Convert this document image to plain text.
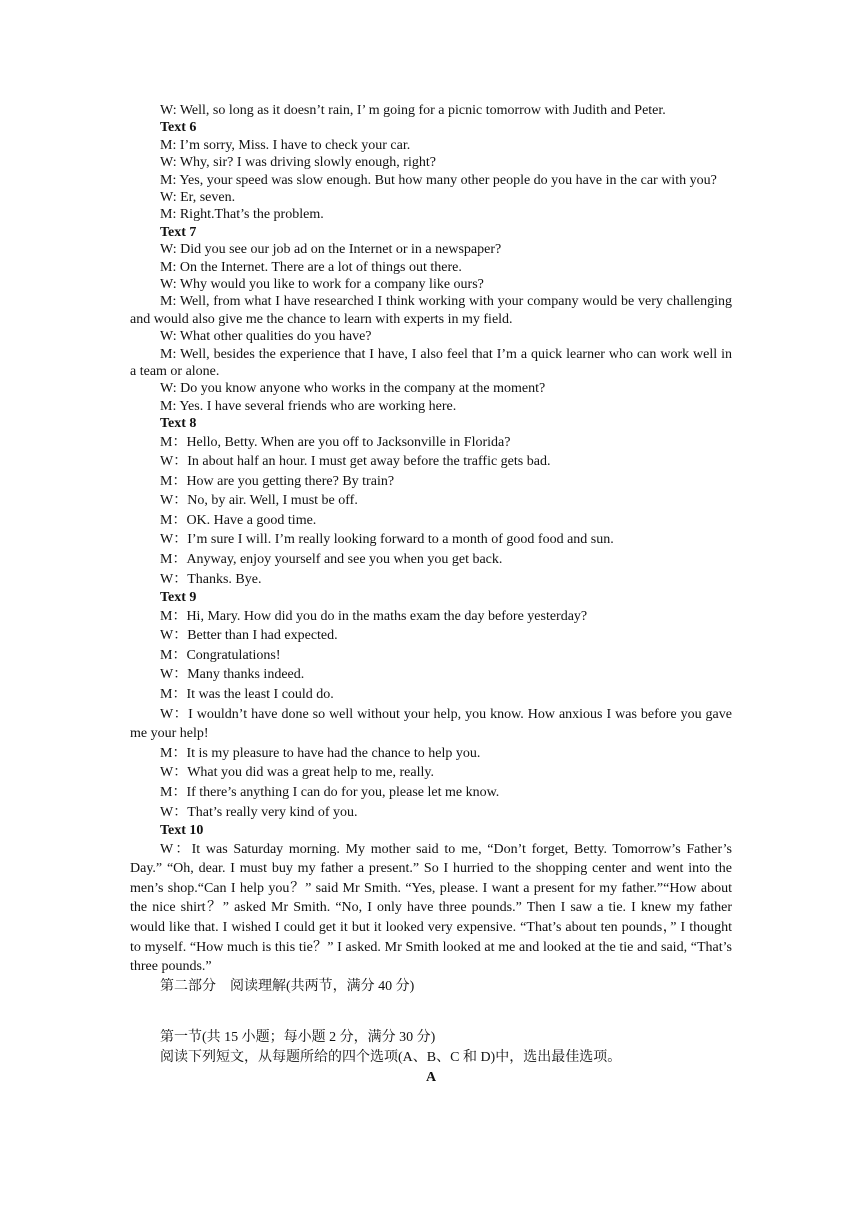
W: Well, so long as it doesn’t rain, I’ m going for a picnic tomorrow with Judith and Peter.
Text 6
M: I’m sorry, Miss. I have to check your car.
W: Why, sir? I was driving slowly enough, right?
M: Yes, your speed was slow enough. But how many other people do you have in the car with you?
W: Er, seven.
M: Right.That’s the problem.
Text 7
W: Did you see our job ad on the Internet or in a newspaper?
M: On the Internet. There are a lot of things out there.
W: Why would you like to work for a company like ours?
M: Well, from what I have researched I think working with your company would be very challenging and would also give me the chance to learn with experts in my field.
W: What other qualities do you have?
M: Well, besides the experience that I have, I also feel that I’m a quick learner who can work well in a team or alone.
W: Do you know anyone who works in the company at the moment?
M: Yes. I have several friends who are working here.
Text 8
M：Hello, Betty. When are you off to Jacksonville in Florida?
W：In about half an hour. I must get away before the traffic gets bad.
M：How are you getting there? By train?
W：No, by air. Well, I must be off.
M：OK. Have a good time.
W：I’m sure I will. I’m really looking forward to a month of good food and sun.
M：Anyway, enjoy yourself and see you when you get back.
W：Thanks. Bye.
Text 9
M：Hi, Mary. How did you do in the maths exam the day before yesterday?
W：Better than I had expected.
M：Congratulations!
W：Many thanks indeed.
M：It was the least I could do.
W：I wouldn’t have done so well without your help, you know. How anxious I was before you gave me your help!
M：It is my pleasure to have had the chance to help you.
W：What you did was a great help to me, really.
M：If there’s anything I can do for you, please let me know.
W：That’s really very kind of you.
Text 10
W：It was Saturday morning. My mother said to me, “Don’t forget, Betty. Tomorrow’s Father’s Day.” “Oh, dear. I must buy my father a present.” So I hurried to the shopping center and went into the men’s shop.“Can I help you？” said Mr Smith. “Yes, please. I want a present for my father.”“How about the nice shirt？” asked Mr Smith. “No, I only have three pounds.” Then I saw a tie. I knew my father would like that. I wished I could get it but it looked very expensive. “That’s about ten pounds，” I thought to myself. “How much is this tie？” I asked. Mr Smith looked at me and looked at the tie and said, “That’s three pounds.”
第二部分　阅读理解(共两节，满分 40 分)
第一节(共 15 小题；每小题 2 分，满分 30 分)
阅读下列短文，从每题所给的四个选项(A、B、C 和 D)中，选出最佳选项。
A
